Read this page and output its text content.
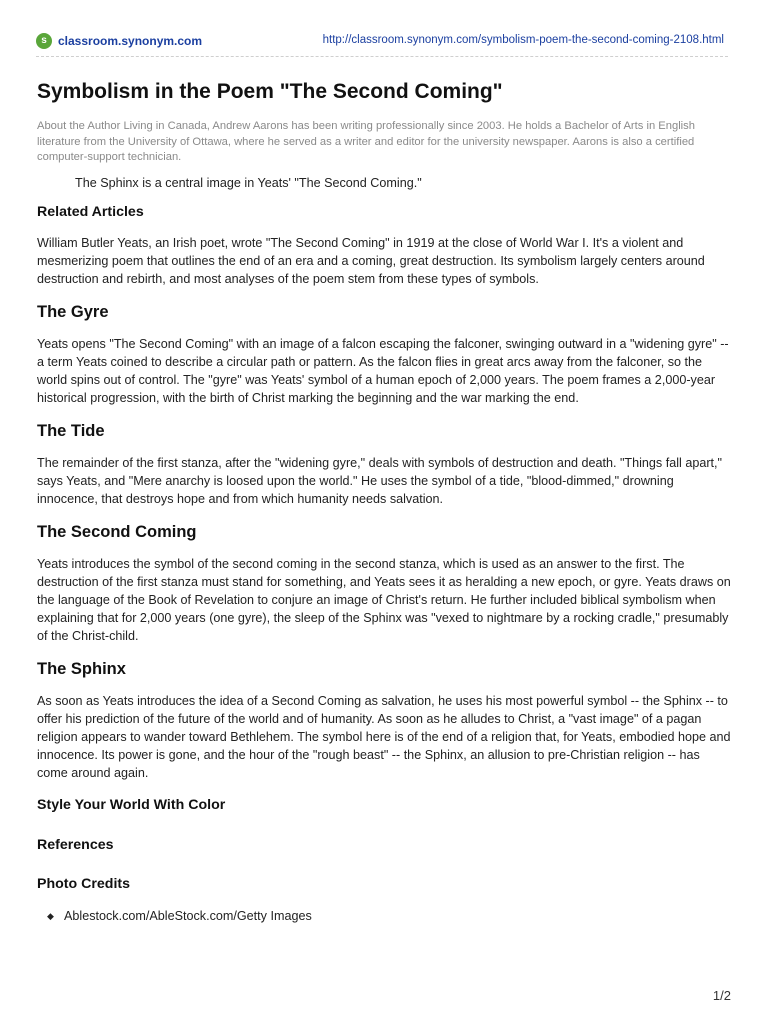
s classroom.synonym.com	http://classroom.synonym.com/symbolism-poem-the-second-coming-2108.html
Symbolism in the Poem "The Second Coming"

About the Author Living in Canada, Andrew Aarons has been writing professionally since 2003. He holds a Bachelor of Arts in English literature from the University of Ottawa, where he served as a writer and editor for the university newspaper. Aarons is also a certified computer-support technician.

The Sphinx is a central image in Yeats' "The Second Coming."

Related Articles

William Butler Yeats, an Irish poet, wrote "The Second Coming" in 1919 at the close of World War I. It's a violent and mesmerizing poem that outlines the end of an era and a coming, great destruction. Its symbolism largely centers around destruction and rebirth, and most analyses of the poem stem from these types of symbols.

The Gyre

Yeats opens "The Second Coming" with an image of a falcon escaping the falconer, swinging outward in a "widening gyre" -- a term Yeats coined to describe a circular path or pattern. As the falcon flies in great arcs away from the falconer, so the world spins out of control. The "gyre" was Yeats' symbol of a human epoch of 2,000 years. The poem frames a 2,000-year historical progression, with the birth of Christ marking the beginning and the war marking the end.

The Tide

The remainder of the first stanza, after the "widening gyre," deals with symbols of destruction and death. "Things fall apart," says Yeats, and "Mere anarchy is loosed upon the world." He uses the symbol of a tide, "blood-dimmed," drowning innocence, that destroys hope and from which humanity needs salvation.

The Second Coming

Yeats introduces the symbol of the second coming in the second stanza, which is used as an answer to the first. The destruction of the first stanza must stand for something, and Yeats sees it as heralding a new epoch, or gyre. Yeats draws on the language of the Book of Revelation to conjure an image of Christ's return. He further included biblical symbolism when explaining that for 2,000 years (one gyre), the sleep of the Sphinx was "vexed to nightmare by a rocking cradle," presumably of the Christ-child.

The Sphinx

As soon as Yeats introduces the idea of a Second Coming as salvation, he uses his most powerful symbol -- the Sphinx -- to offer his prediction of the future of the world and of humanity. As soon as he alludes to Christ, a "vast image" of a pagan religion appears to wander toward Bethlehem. The symbol here is of the end of a religion that, for Yeats, embodied hope and innocence. Its power is gone, and the hour of the "rough beast" -- the Sphinx, an allusion to pre-Christian religion -- has come around again.

Style Your World With Color
References
Photo Credits
◆ Ablestock.com/AbleStock.com/Getty Images
1/2
